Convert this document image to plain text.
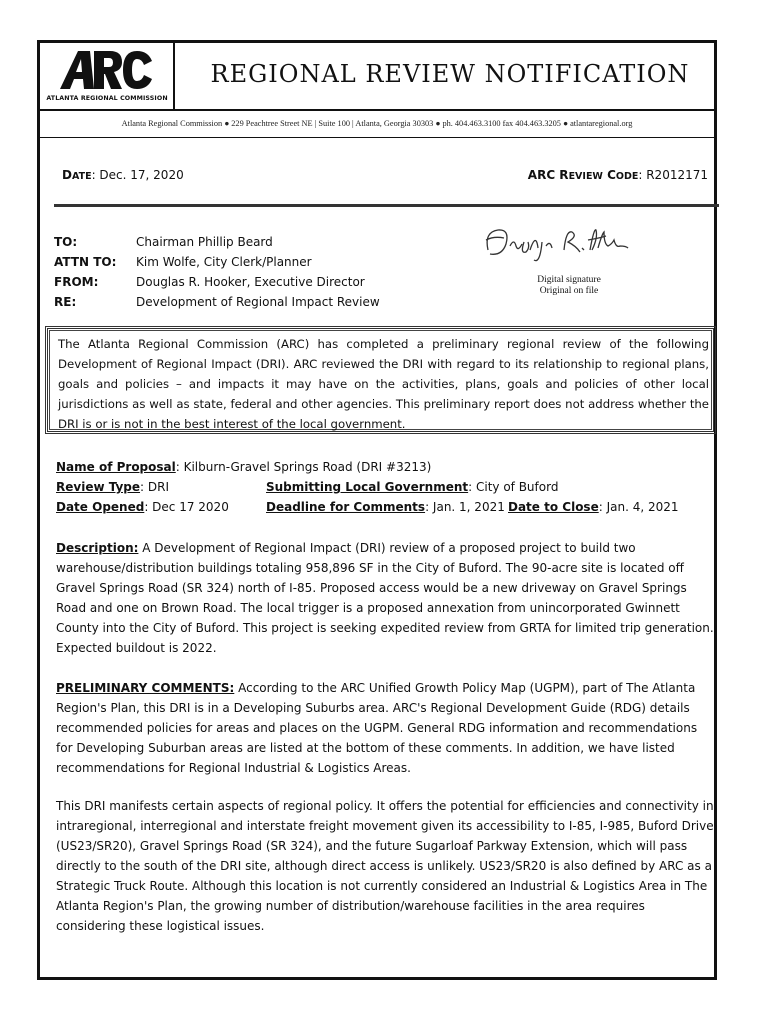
ATLANTA REGIONAL COMMISSION
REGIONAL REVIEW NOTIFICATION
Atlanta Regional Commission ● 229 Peachtree Street NE | Suite 100 | Atlanta, Georgia 30303 ● ph. 404.463.3100 fax 404.463.3205 ● atlantaregional.org
DATE: Dec. 17, 2020	ARC REVIEW CODE: R2012171
TO:	Chairman Phillip Beard
ATTN TO:	Kim Wolfe, City Clerk/Planner
FROM:	Douglas R. Hooker, Executive Director
RE:	Development of Regional Impact Review
Digital signature
Original on file
The Atlanta Regional Commission (ARC) has completed a preliminary regional review of the following Development of Regional Impact (DRI). ARC reviewed the DRI with regard to its relationship to regional plans, goals and policies – and impacts it may have on the activities, plans, goals and policies of other local jurisdictions as well as state, federal and other agencies. This preliminary report does not address whether the DRI is or is not in the best interest of the local government.
Name of Proposal: Kilburn-Gravel Springs Road (DRI #3213)
Review Type: DRI	Submitting Local Government: City of Buford
Date Opened: Dec 17 2020	Deadline for Comments: Jan. 1, 2021 Date to Close: Jan. 4, 2021
Description: A Development of Regional Impact (DRI) review of a proposed project to build two warehouse/distribution buildings totaling 958,896 SF in the City of Buford. The 90-acre site is located off Gravel Springs Road (SR 324) north of I-85. Proposed access would be a new driveway on Gravel Springs Road and one on Brown Road. The local trigger is a proposed annexation from unincorporated Gwinnett County into the City of Buford. This project is seeking expedited review from GRTA for limited trip generation. Expected buildout is 2022.
PRELIMINARY COMMENTS: According to the ARC Unified Growth Policy Map (UGPM), part of The Atlanta Region's Plan, this DRI is in a Developing Suburbs area. ARC's Regional Development Guide (RDG) details recommended policies for areas and places on the UGPM. General RDG information and recommendations for Developing Suburban areas are listed at the bottom of these comments. In addition, we have listed recommendations for Regional Industrial & Logistics Areas.
This DRI manifests certain aspects of regional policy. It offers the potential for efficiencies and connectivity in intraregional, interregional and interstate freight movement given its accessibility to I-85, I-985, Buford Drive (US23/SR20), Gravel Springs Road (SR 324), and the future Sugarloaf Parkway Extension, which will pass directly to the south of the DRI site, although direct access is unlikely. US23/SR20 is also defined by ARC as a Strategic Truck Route. Although this location is not currently considered an Industrial & Logistics Area in The Atlanta Region's Plan, the growing number of distribution/warehouse facilities in the area requires considering these logistical issues.
